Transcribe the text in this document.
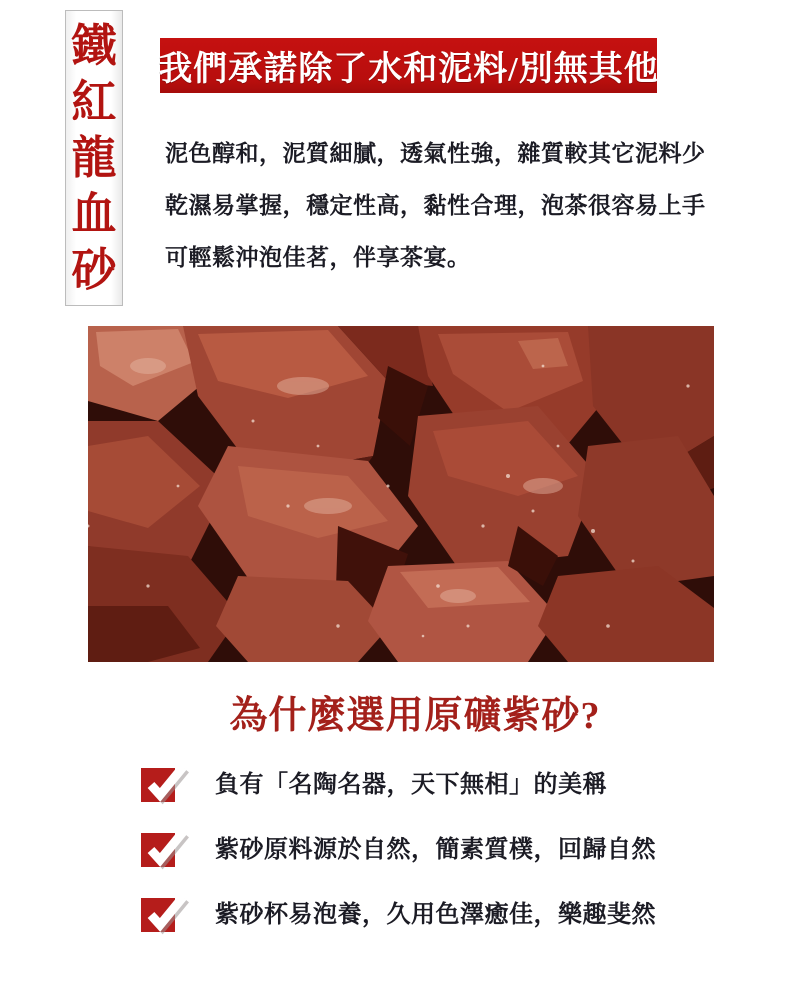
鐵
紅
龍
血
砂
我們承諾除了水和泥料/別無其他
泥色醇和，泥質細膩，透氣性強，雜質較其它泥料少
乾濕易掌握，穩定性高，黏性合理，泡茶很容易上手
可輕鬆沖泡佳茗，伴享茶宴。
為什麼選用原礦紫砂?
負有「名陶名器，天下無相」的美稱
紫砂原料源於自然，簡素質樸，回歸自然
紫砂杯易泡養，久用色澤癒佳，樂趣斐然
